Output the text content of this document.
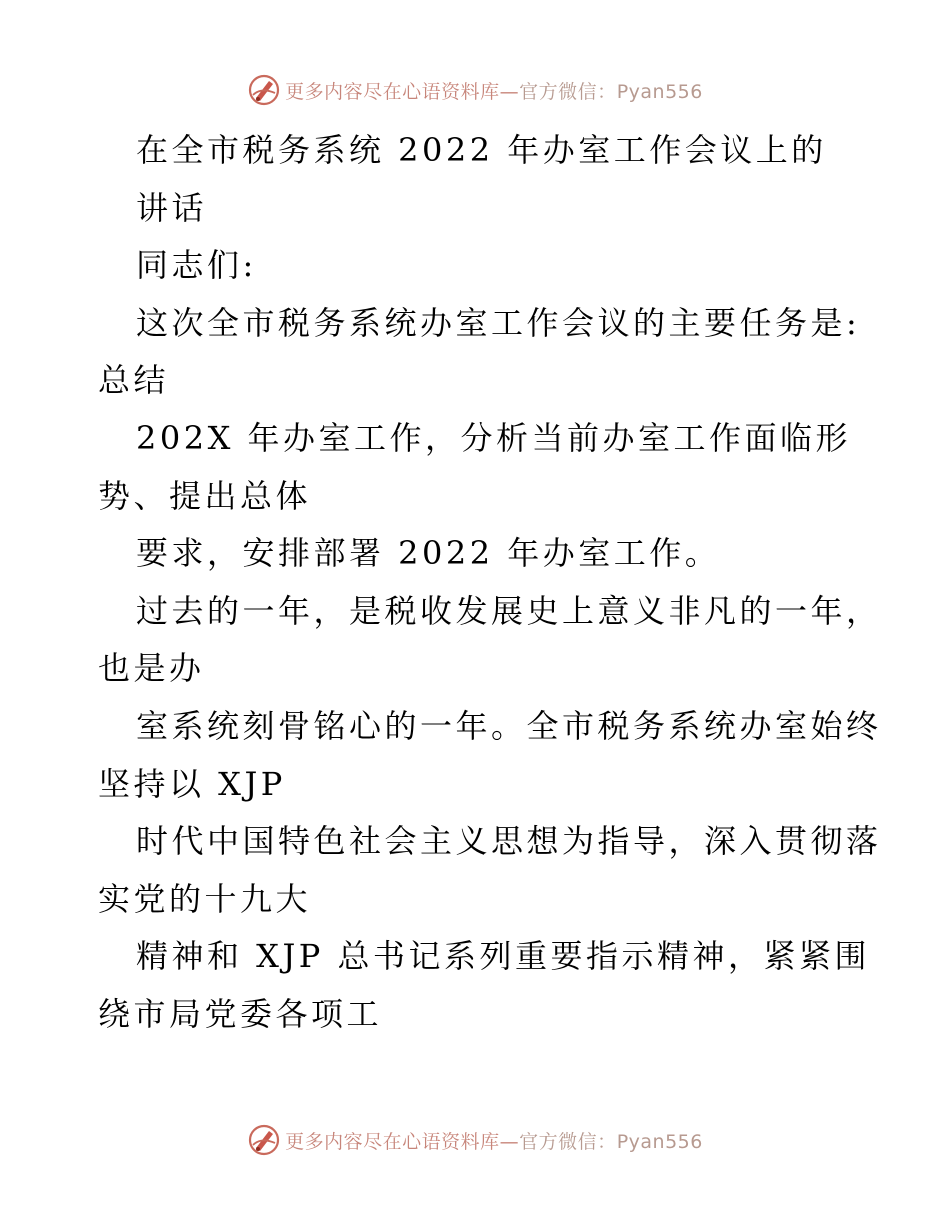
更多内容尽在心语资料库—官方微信：Pyan556
在全市税务系统 2022 年办室工作会议上的
讲话
同志们:
这次全市税务系统办室工作会议的主要任务是:
总结
202X 年办室工作，分析当前办室工作面临形
势、提出总体
要求，安排部署 2022 年办室工作。
过去的一年，是税收发展史上意义非凡的一年，
也是办
室系统刻骨铭心的一年。全市税务系统办室始终
坚持以 XJP
时代中国特色社会主义思想为指导，深入贯彻落
实党的十九大
精神和 XJP 总书记系列重要指示精神，紧紧围
绕市局党委各项工
更多内容尽在心语资料库—官方微信：Pyan556
